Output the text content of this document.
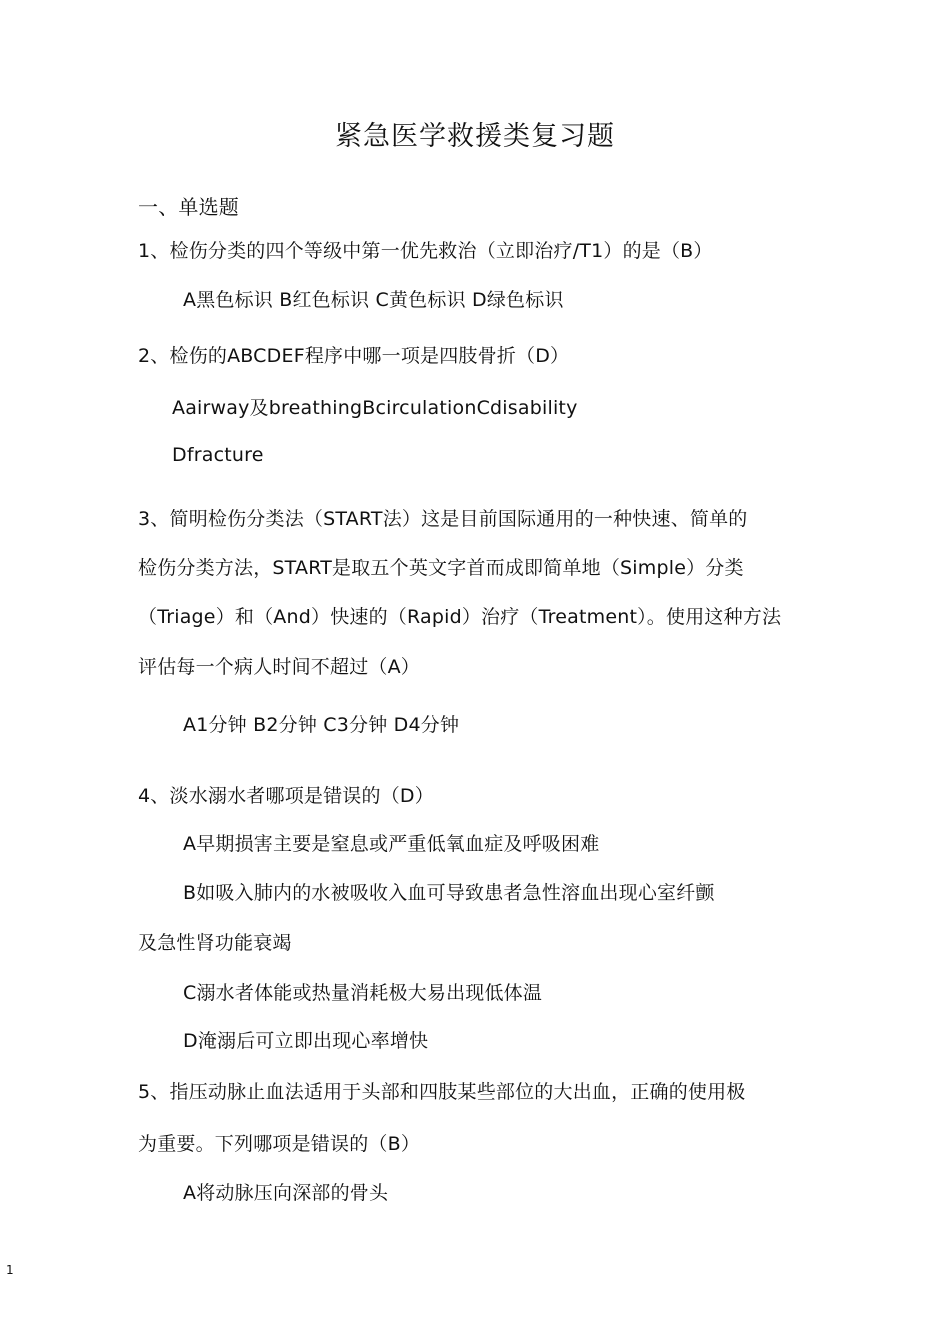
紧急医学救援类复习题
一、单选题
1、检伤分类的四个等级中第一优先救治（立即治疗/T1）的是（B）
A黑色标识 B红色标识 C黄色标识 D绿色标识
2、检伤的ABCDEF程序中哪一项是四肢骨折（D）
Aairway及breathingBcirculationCdisability
Dfracture
3、简明检伤分类法（START法）这是目前国际通用的一种快速、简单的
检伤分类方法，START是取五个英文字首而成即简单地（Simple）分类
（Triage）和（And）快速的（Rapid）治疗（Treatment）。使用这种方法
评估每一个病人时间不超过（A）
A1分钟 B2分钟 C3分钟 D4分钟
4、淡水溺水者哪项是错误的（D）
A早期损害主要是窒息或严重低氧血症及呼吸困难
B如吸入肺内的水被吸收入血可导致患者急性溶血出现心室纤颤
及急性肾功能衰竭
C溺水者体能或热量消耗极大易出现低体温
D淹溺后可立即出现心率增快
5、指压动脉止血法适用于头部和四肢某些部位的大出血，正确的使用极
为重要。下列哪项是错误的（B）
A将动脉压向深部的骨头
1
